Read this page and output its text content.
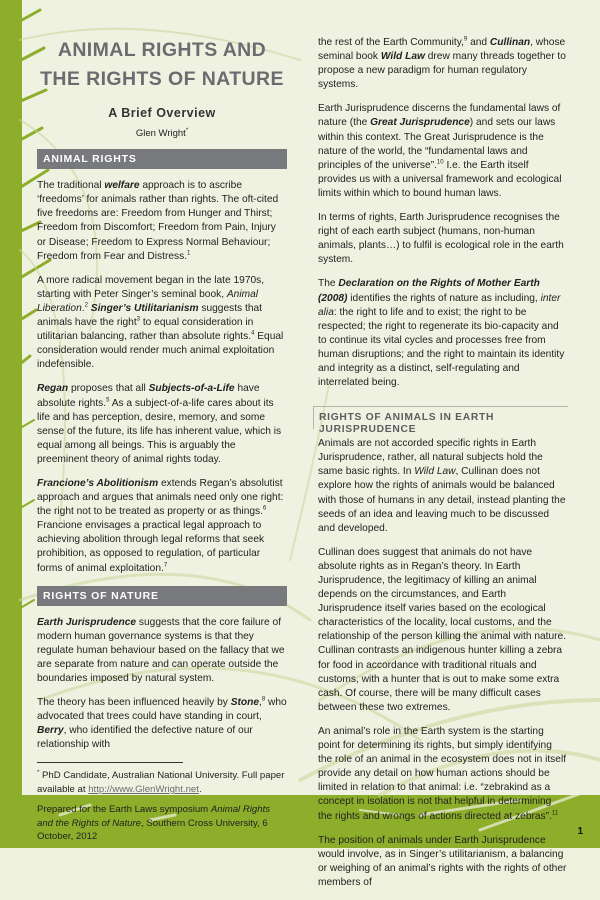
ANIMAL RIGHTS AND
THE RIGHTS OF NATURE
A Brief Overview
Glen Wright*
ANIMAL RIGHTS

The traditional welfare approach is to ascribe ‘freedoms’ for animals rather than rights. The oft-cited five freedoms are: Freedom from Hunger and Thirst; Freedom from Discomfort; Freedom from Pain, Injury or Disease; Freedom to Express Normal Behaviour; Freedom from Fear and Distress.$^1$

A more radical movement began in the late 1970s, starting with Peter Singer’s seminal book, Animal Liberation.$^2$ Singer’s Utilitarianism suggests that animals have the right$^3$ to equal consideration in utilitarian balancing, rather than absolute rights.$^4$ Equal consideration would render much animal exploitation indefensible.

Regan proposes that all Subjects-of-a-Life have absolute rights.$^5$ As a subject-of-a-life cares about its life and has perception, desire, memory, and some sense of the future, its life has inherent value, which is equal among all beings. This is arguably the preeminent theory of animal rights today.

Francione’s Abolitionism extends Regan’s absolutist approach and argues that animals need only one right: the right not to be treated as property or as things.$^6$ Francione envisages a practical legal approach to achieving abolition through legal reforms that seek prohibition, as opposed to regulation, of particular forms of animal exploitation.$^7$

RIGHTS OF NATURE

Earth Jurisprudence suggests that the core failure of modern human governance systems is that they regulate human behaviour based on the fallacy that we are separate from nature and can operate outside the boundaries imposed by natural system.

The theory has been influenced heavily by Stone,$^8$ who advocated that trees could have standing in court, Berry, who identified the defective nature of our relationship with

* PhD Candidate, Australian National University. Full paper available at http://www.GlenWright.net.
Prepared for the Earth Laws symposium Animal Rights and the Rights of Nature, Southern Cross University, 6 October, 2012

the rest of the Earth Community,$^9$ and Cullinan, whose seminal book Wild Law drew many threads together to propose a new paradigm for human regulatory systems.

Earth Jurisprudence discerns the fundamental laws of nature (the Great Jurisprudence) and sets our laws within this context. The Great Jurisprudence is the nature of the world, the “fundamental laws and principles of the universe”.$^{10}$ I.e. the Earth itself provides us with a universal framework and ecological limits within which to bound human laws.

In terms of rights, Earth Jurisprudence recognises the right of each earth subject (humans, non-human animals, plants…) to fulfil is ecological role in the earth system.

The Declaration on the Rights of Mother Earth (2008) identifies the rights of nature as including, inter alia: the right to life and to exist; the right to be respected; the right to regenerate its bio-capacity and to continue its vital cycles and processes free from human disruptions; and the right to maintain its identity and integrity as a distinct, self-regulating and interrelated being.

RIGHTS OF ANIMALS IN EARTH JURISPRUDENCE

Animals are not accorded specific rights in Earth Jurisprudence, rather, all natural subjects hold the same basic rights. In Wild Law, Cullinan does not explore how the rights of animals would be balanced with those of humans in any detail, instead planting the seeds of an idea and leaving much to be discussed and developed.

Cullinan does suggest that animals do not have absolute rights as in Regan’s theory. In Earth Jurisprudence, the legitimacy of killing an animal depends on the circumstances, and Earth Jurisprudence itself varies based on the ecological characteristics of the locality, local customs, and the relationship of the person killing the animal with nature. Cullinan contrasts an indigenous hunter killing a zebra for food in accordance with traditional rituals and customs, with a hunter that is out to make some extra cash. Of course, there will be many difficult cases between these two extremes.

An animal’s role in the Earth system is the starting point for determining its rights, but simply identifying the role of an animal in the ecosystem does not in itself provide any detail on how human actions should be limited in relation to that animal: i.e. “zebrakind as a concept in isolation is not that helpful in determining the rights and wrongs of actions directed at zebras”.$^{11}$

The position of animals under Earth Jurisprudence would involve, as in Singer’s utilitarianism, a balancing or weighing of an animal’s rights with the rights of other members of

1
